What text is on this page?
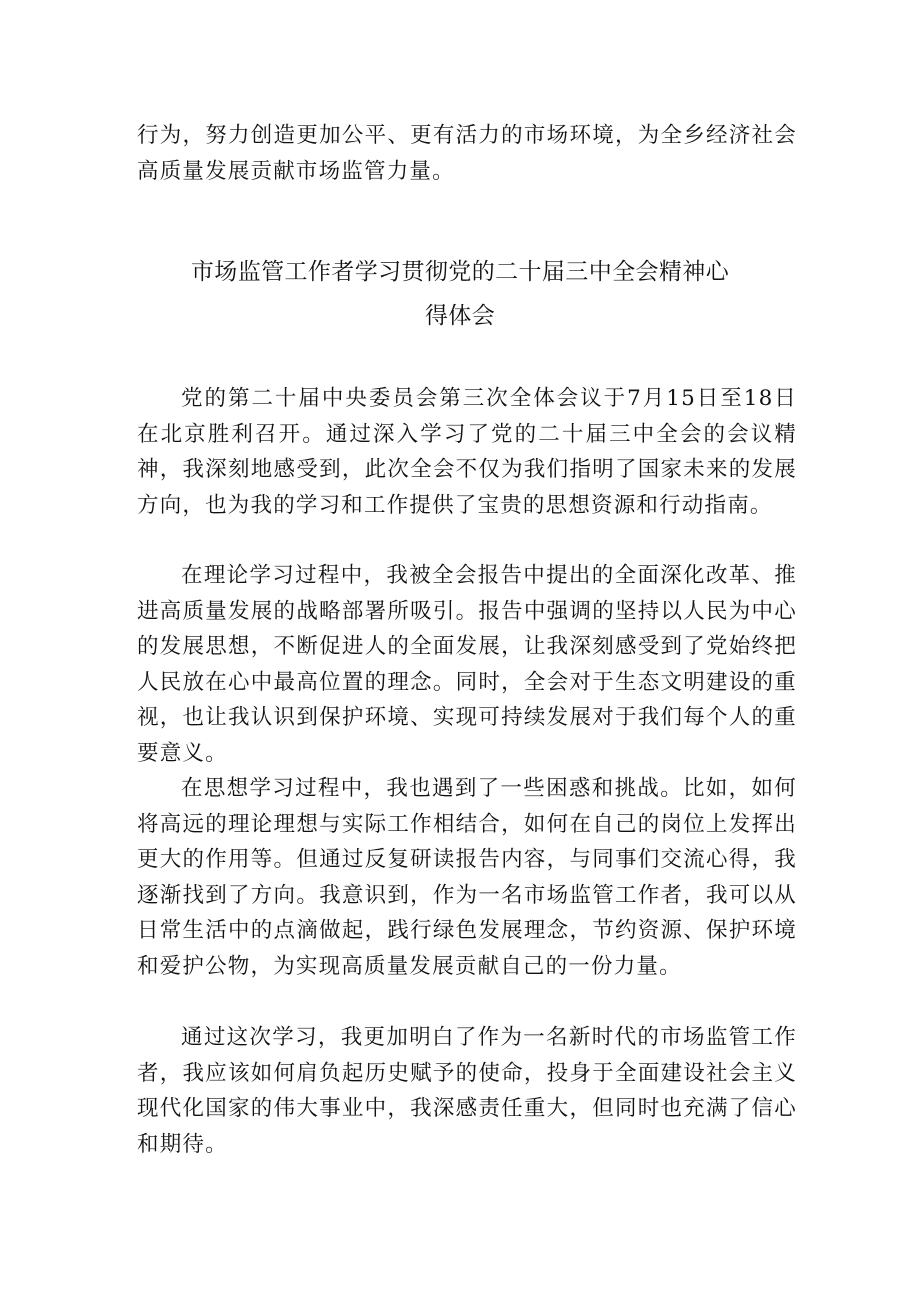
行为，努力创造更加公平、更有活力的市场环境，为全乡经济社会高质量发展贡献市场监管力量。

市场监管工作者学习贯彻党的二十届三中全会精神心
得体会

党的第二十届中央委员会第三次全体会议于7月15日至18日在北京胜利召开。通过深入学习了党的二十届三中全会的会议精神，我深刻地感受到，此次全会不仅为我们指明了国家未来的发展方向，也为我的学习和工作提供了宝贵的思想资源和行动指南。

在理论学习过程中，我被全会报告中提出的全面深化改革、推进高质量发展的战略部署所吸引。报告中强调的坚持以人民为中心的发展思想，不断促进人的全面发展，让我深刻感受到了党始终把人民放在心中最高位置的理念。同时，全会对于生态文明建设的重视，也让我认识到保护环境、实现可持续发展对于我们每个人的重要意义。

在思想学习过程中，我也遇到了一些困惑和挑战。比如，如何将高远的理论理想与实际工作相结合，如何在自己的岗位上发挥出更大的作用等。但通过反复研读报告内容，与同事们交流心得，我逐渐找到了方向。我意识到，作为一名市场监管工作者，我可以从日常生活中的点滴做起，践行绿色发展理念，节约资源、保护环境和爱护公物，为实现高质量发展贡献自己的一份力量。

通过这次学习，我更加明白了作为一名新时代的市场监管工作者，我应该如何肩负起历史赋予的使命，投身于全面建设社会主义现代化国家的伟大事业中，我深感责任重大，但同时也充满了信心和期待。
